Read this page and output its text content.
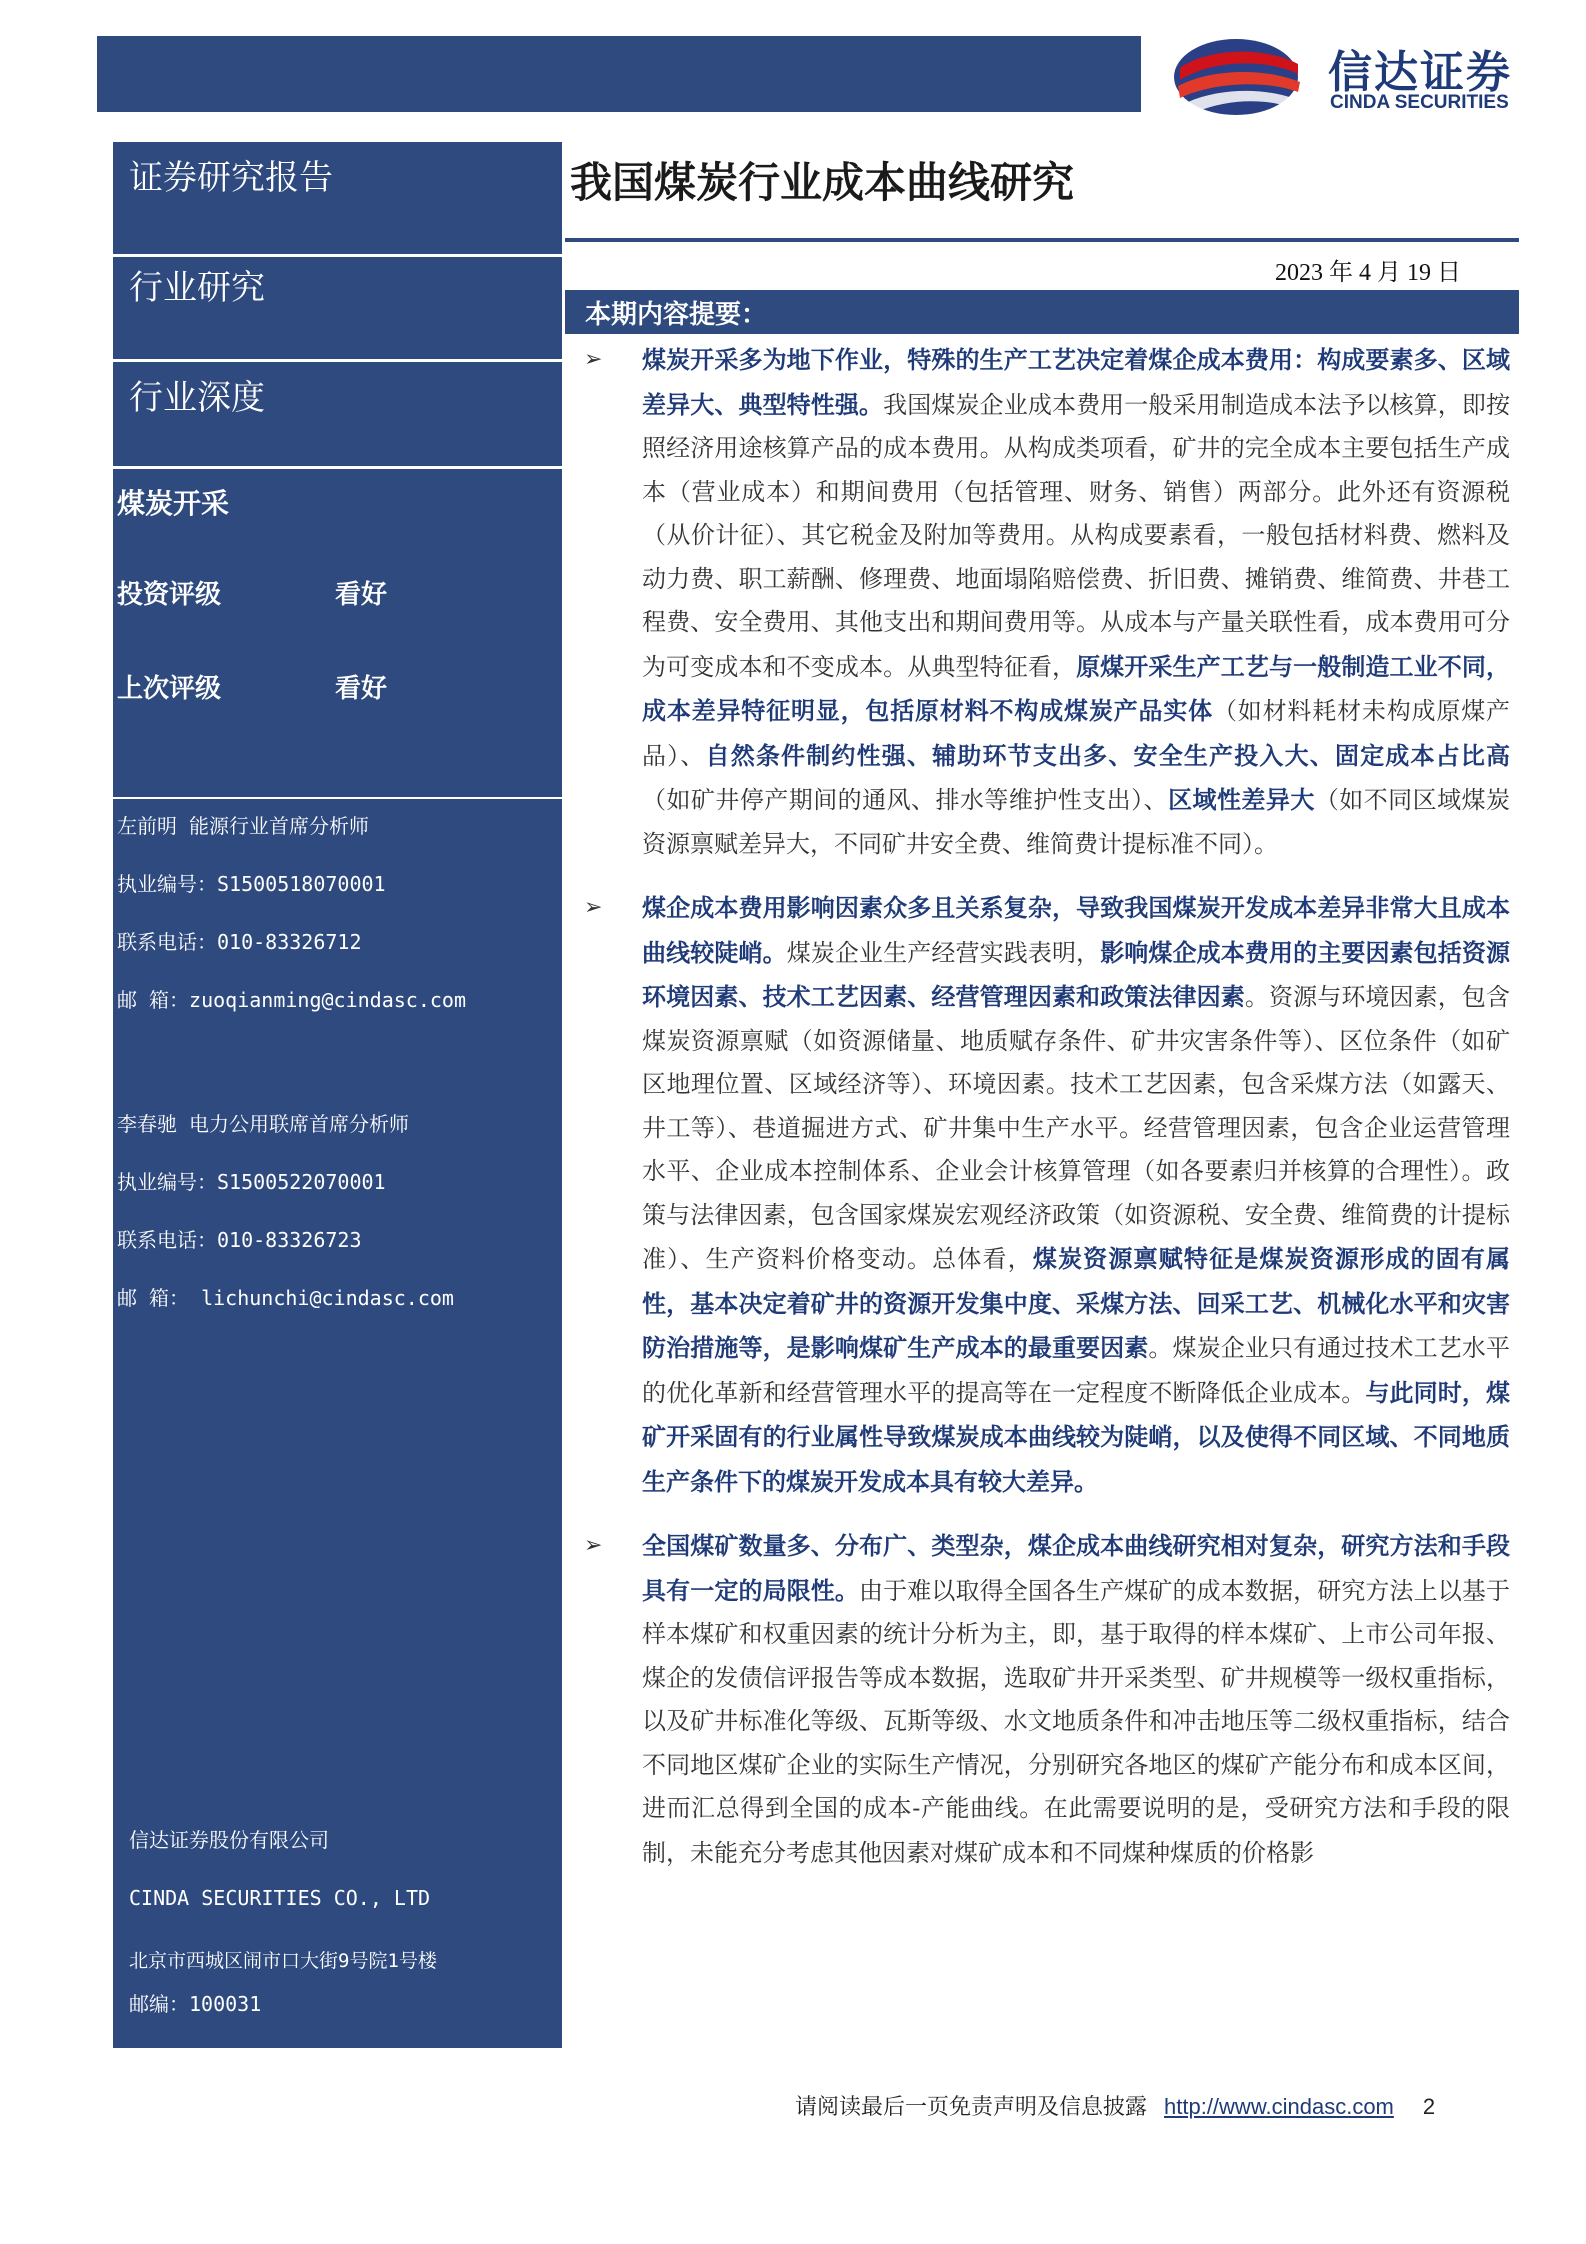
信达证券
CINDA SECURITIES
证券研究报告
行业研究
行业深度
煤炭开采
投资评级	看好
上次评级	看好
左前明 能源行业首席分析师
执业编号：S1500518070001
联系电话：010-83326712
邮 箱：zuoqianming@cindasc.com
李春驰 电力公用联席首席分析师
执业编号：S1500522070001
联系电话：010-83326723
邮 箱： lichunchi@cindasc.com
信达证券股份有限公司
CINDA SECURITIES CO., LTD
北京市西城区闹市口大街9号院1号楼
邮编：100031
我国煤炭行业成本曲线研究
2023 年 4 月 19 日
本期内容提要：
➢ 煤炭开采多为地下作业，特殊的生产工艺决定着煤企成本费用：构成要素多、区域差异大、典型特性强。我国煤炭企业成本费用一般采用制造成本法予以核算，即按照经济用途核算产品的成本费用。从构成类项看，矿井的完全成本主要包括生产成本（营业成本）和期间费用（包括管理、财务、销售）两部分。此外还有资源税（从价计征）、其它税金及附加等费用。从构成要素看，一般包括材料费、燃料及动力费、职工薪酬、修理费、地面塌陷赔偿费、折旧费、摊销费、维简费、井巷工程费、安全费用、其他支出和期间费用等。从成本与产量关联性看，成本费用可分为可变成本和不变成本。从典型特征看，原煤开采生产工艺与一般制造工业不同，成本差异特征明显，包括原材料不构成煤炭产品实体（如材料耗材未构成原煤产品）、自然条件制约性强、辅助环节支出多、安全生产投入大、固定成本占比高（如矿井停产期间的通风、排水等维护性支出）、区域性差异大（如不同区域煤炭资源禀赋差异大，不同矿井安全费、维简费计提标准不同）。
➢ 煤企成本费用影响因素众多且关系复杂，导致我国煤炭开发成本差异非常大且成本曲线较陡峭。煤炭企业生产经营实践表明，影响煤企成本费用的主要因素包括资源环境因素、技术工艺因素、经营管理因素和政策法律因素。资源与环境因素，包含煤炭资源禀赋（如资源储量、地质赋存条件、矿井灾害条件等）、区位条件（如矿区地理位置、区域经济等）、环境因素。技术工艺因素，包含采煤方法（如露天、井工等）、巷道掘进方式、矿井集中生产水平。经营管理因素，包含企业运营管理水平、企业成本控制体系、企业会计核算管理（如各要素归并核算的合理性）。政策与法律因素，包含国家煤炭宏观经济政策（如资源税、安全费、维简费的计提标准）、生产资料价格变动。总体看，煤炭资源禀赋特征是煤炭资源形成的固有属性，基本决定着矿井的资源开发集中度、采煤方法、回采工艺、机械化水平和灾害防治措施等，是影响煤矿生产成本的最重要因素。煤炭企业只有通过技术工艺水平的优化革新和经营管理水平的提高等在一定程度不断降低企业成本。与此同时，煤矿开采固有的行业属性导致煤炭成本曲线较为陡峭，以及使得不同区域、不同地质生产条件下的煤炭开发成本具有较大差异。
➢ 全国煤矿数量多、分布广、类型杂，煤企成本曲线研究相对复杂，研究方法和手段具有一定的局限性。由于难以取得全国各生产煤矿的成本数据，研究方法上以基于样本煤矿和权重因素的统计分析为主，即，基于取得的样本煤矿、上市公司年报、煤企的发债信评报告等成本数据，选取矿井开采类型、矿井规模等一级权重指标，以及矿井标准化等级、瓦斯等级、水文地质条件和冲击地压等二级权重指标，结合不同地区煤矿企业的实际生产情况，分别研究各地区的煤矿产能分布和成本区间，进而汇总得到全国的成本-产能曲线。在此需要说明的是，受研究方法和手段的限制，未能充分考虑其他因素对煤矿成本和不同煤种煤质的价格影
请阅读最后一页免责声明及信息披露 http://www.cindasc.com 2
